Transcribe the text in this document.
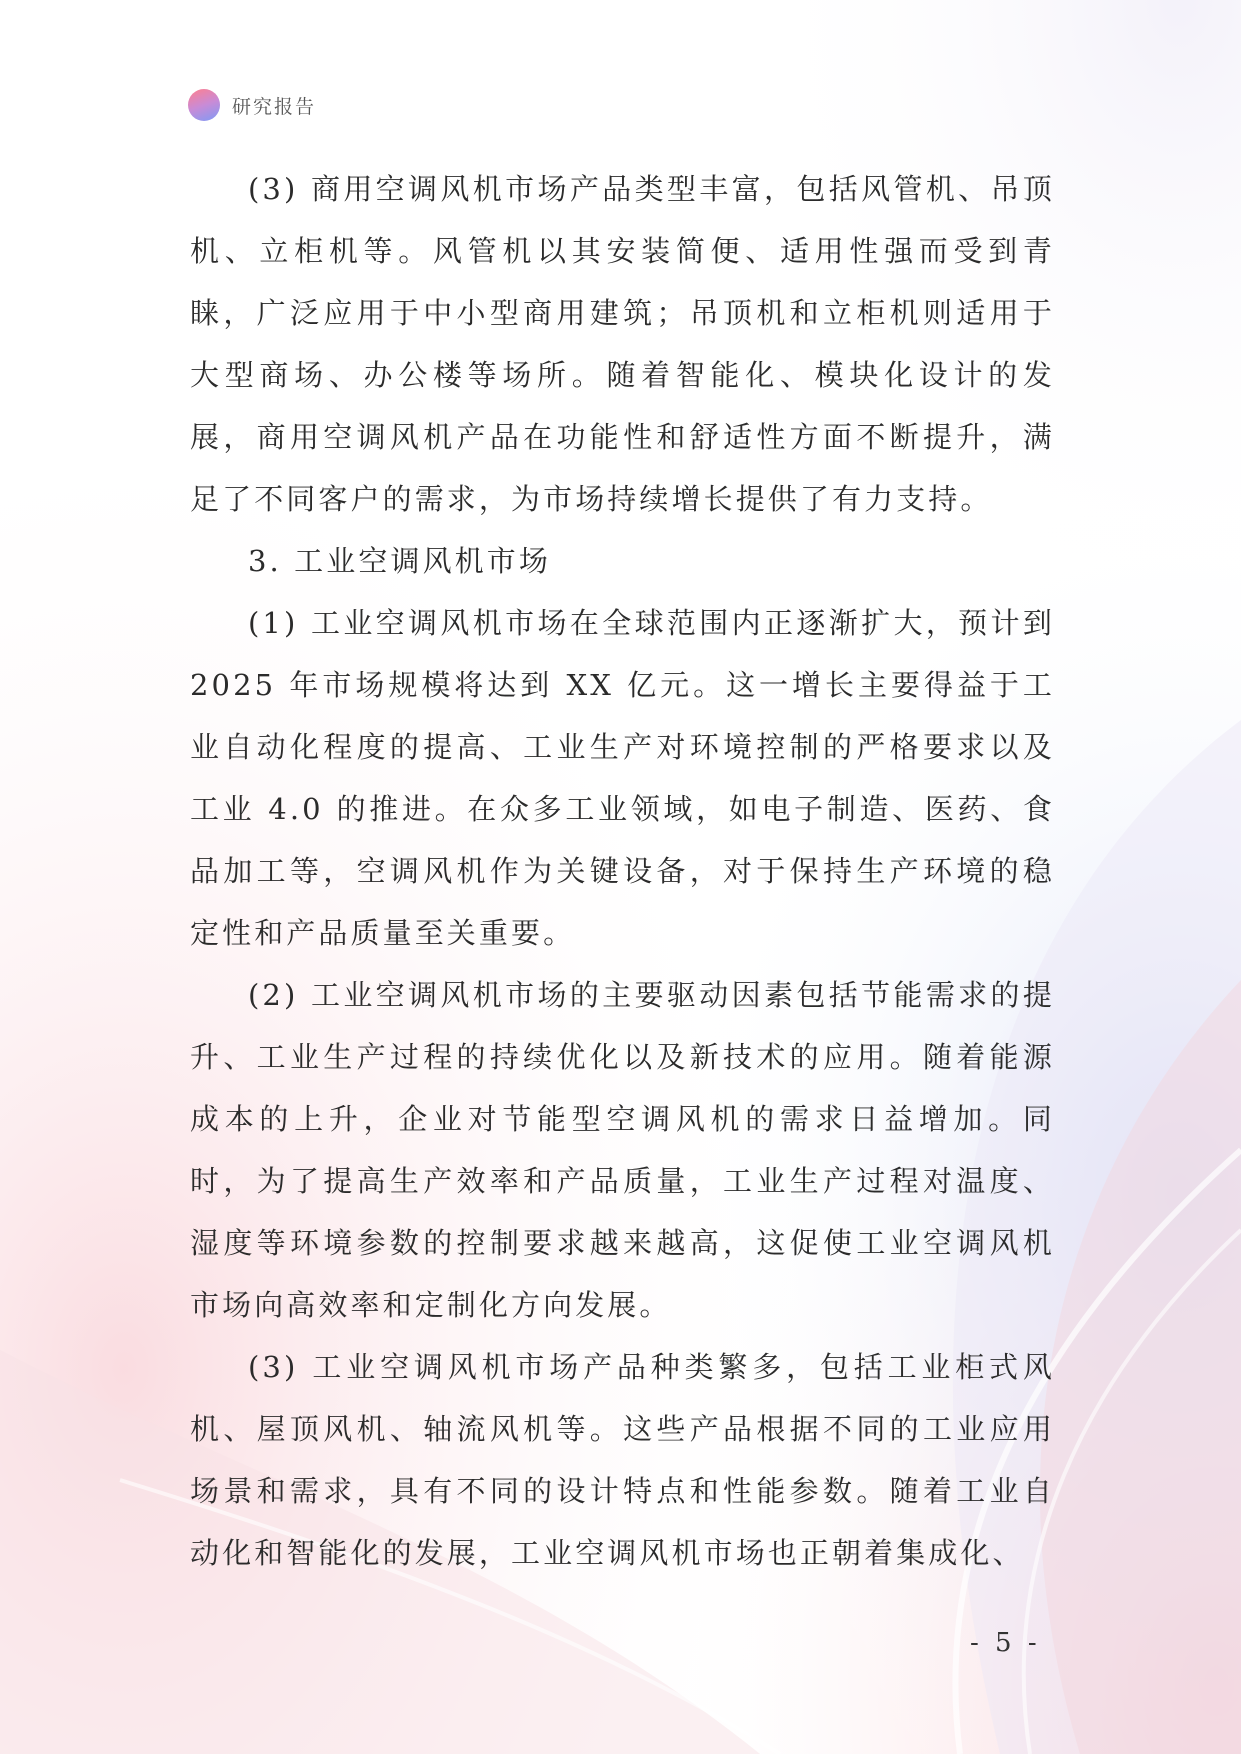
研究报告

(3) 商用空调风机市场产品类型丰富，包括风管机、吊顶机、立柜机等。风管机以其安装简便、适用性强而受到青睐，广泛应用于中小型商用建筑；吊顶机和立柜机则适用于大型商场、办公楼等场所。随着智能化、模块化设计的发展，商用空调风机产品在功能性和舒适性方面不断提升，满足了不同客户的需求，为市场持续增长提供了有力支持。

3. 工业空调风机市场

(1) 工业空调风机市场在全球范围内正逐渐扩大，预计到 2025 年市场规模将达到 XX 亿元。这一增长主要得益于工业自动化程度的提高、工业生产对环境控制的严格要求以及工业 4.0 的推进。在众多工业领域，如电子制造、医药、食品加工等，空调风机作为关键设备，对于保持生产环境的稳定性和产品质量至关重要。

(2) 工业空调风机市场的主要驱动因素包括节能需求的提升、工业生产过程的持续优化以及新技术的应用。随着能源成本的上升，企业对节能型空调风机的需求日益增加。同时，为了提高生产效率和产品质量，工业生产过程对温度、湿度等环境参数的控制要求越来越高，这促使工业空调风机市场向高效率和定制化方向发展。

(3) 工业空调风机市场产品种类繁多，包括工业柜式风机、屋顶风机、轴流风机等。这些产品根据不同的工业应用场景和需求，具有不同的设计特点和性能参数。随着工业自动化和智能化的发展，工业空调风机市场也正朝着集成化、

- 5 -
